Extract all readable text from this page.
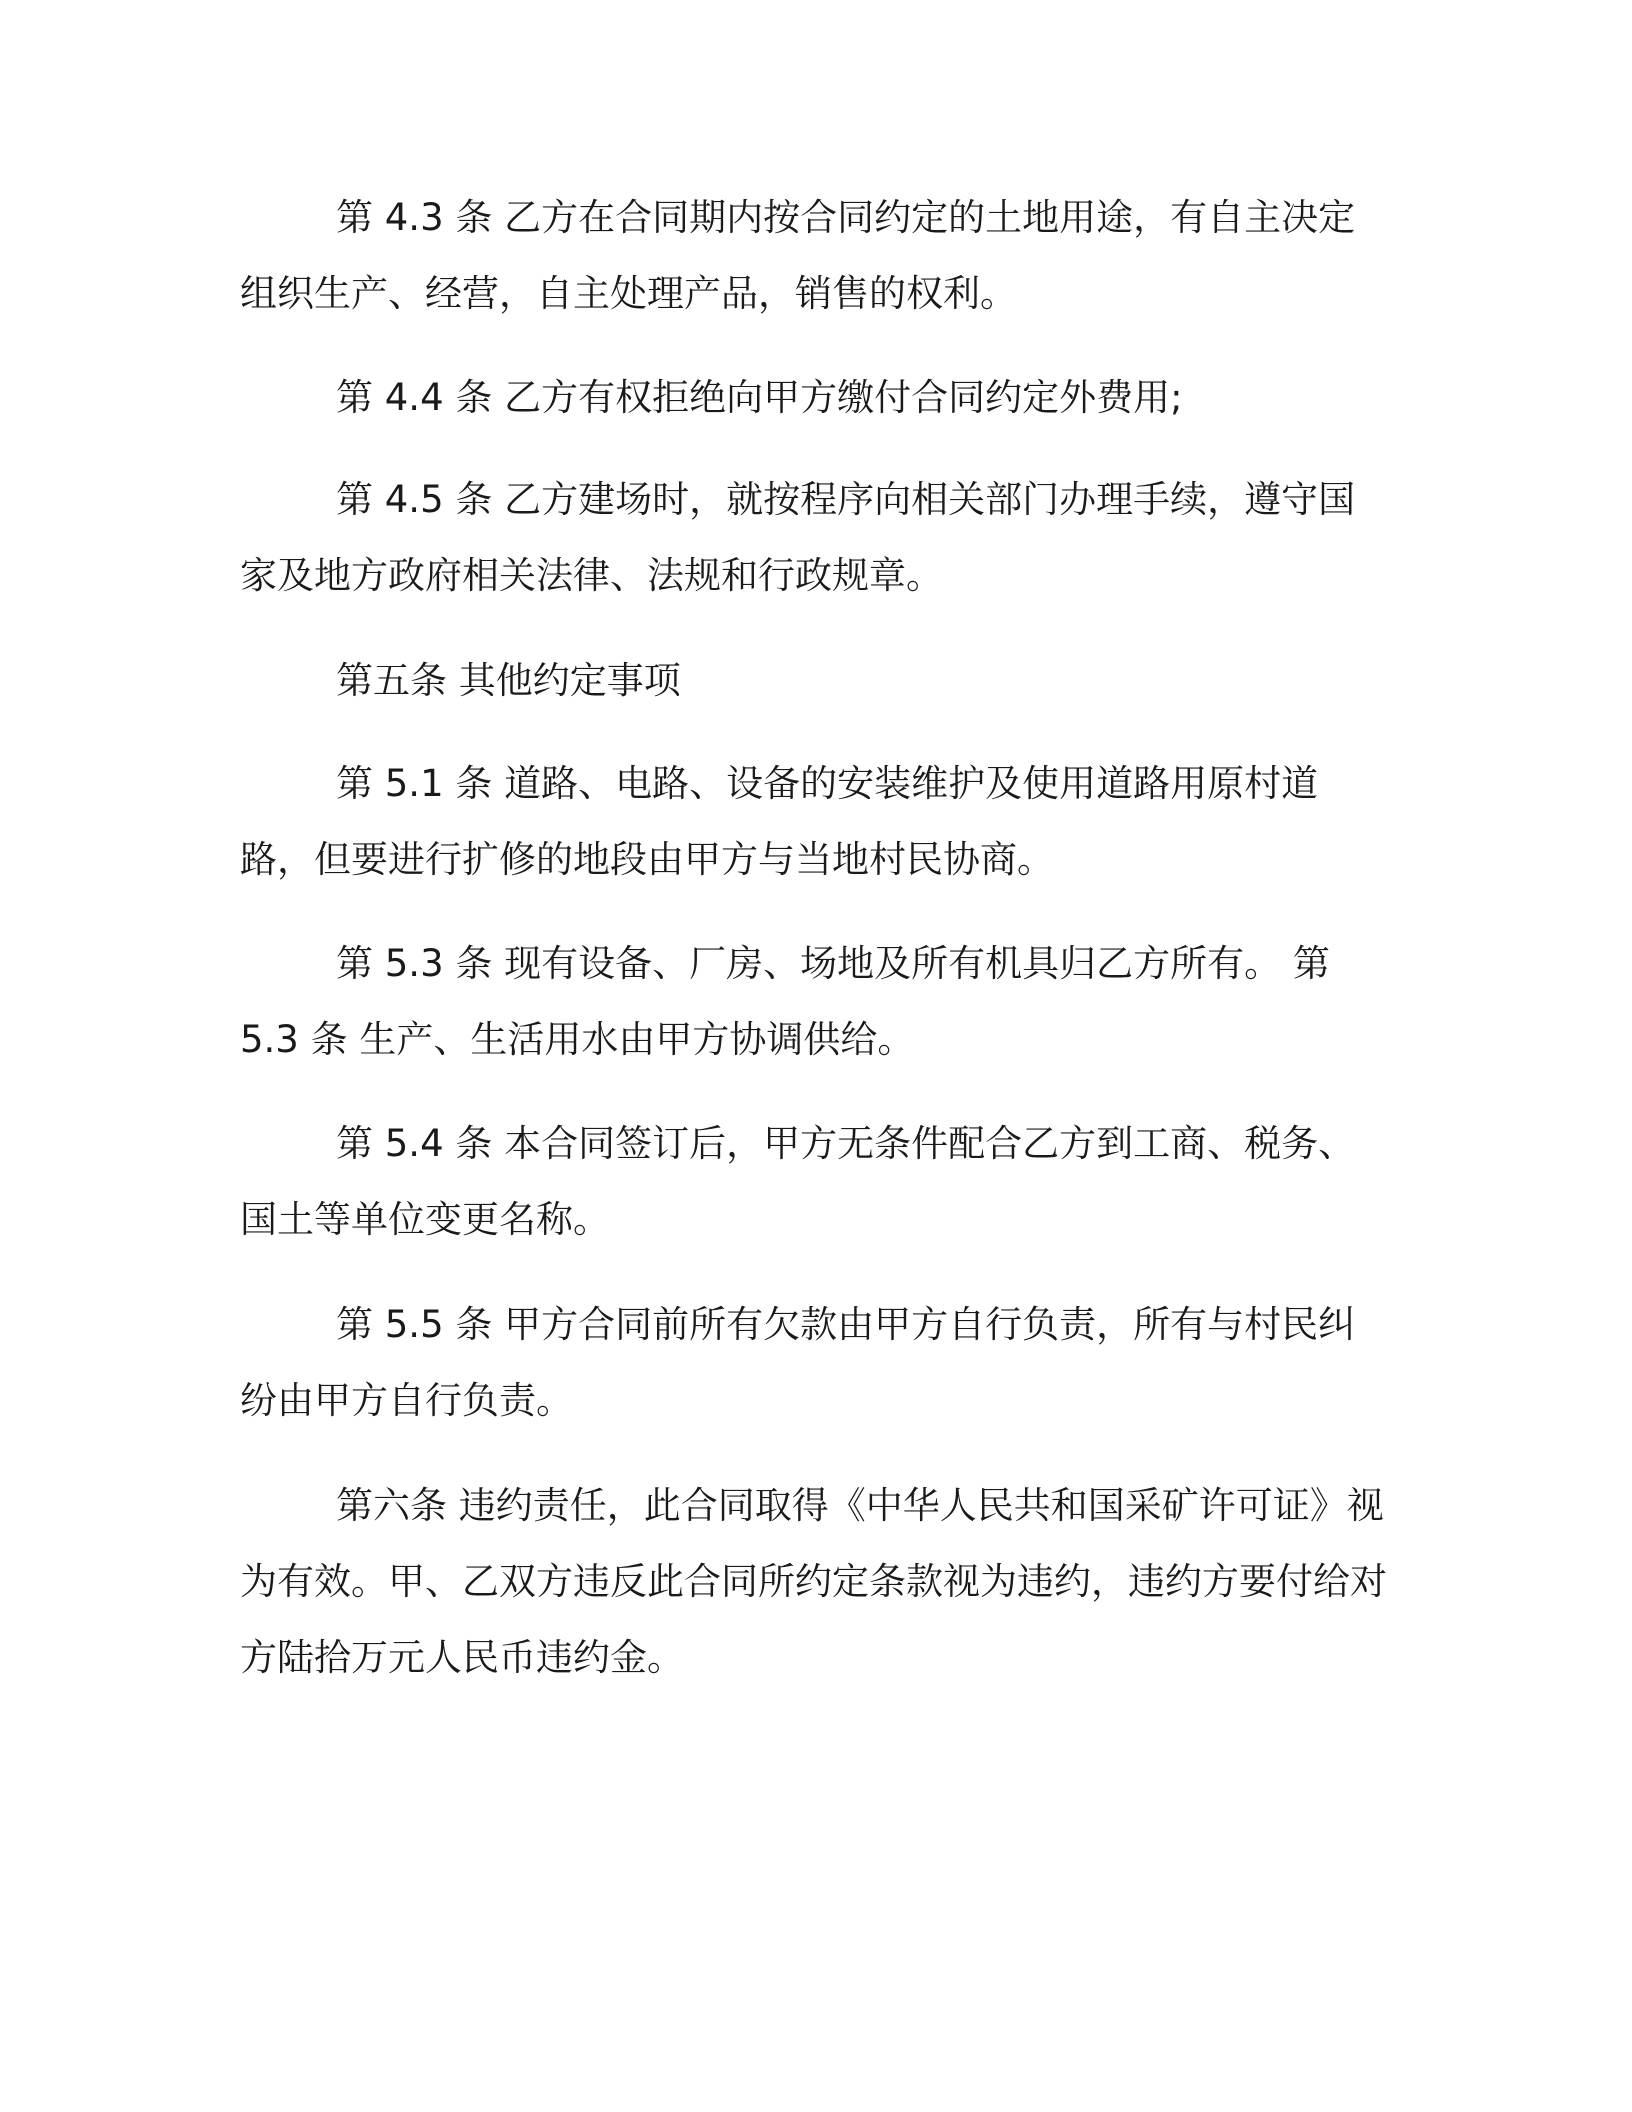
第 4.3 条 乙方在合同期内按合同约定的土地用途，有自主决定组织生产、经营，自主处理产品，销售的权利。

第 4.4 条 乙方有权拒绝向甲方缴付合同约定外费用;

第 4.5 条 乙方建场时，就按程序向相关部门办理手续，遵守国家及地方政府相关法律、法规和行政规章。

第五条 其他约定事项

第 5.1 条 道路、电路、设备的安装维护及使用道路用原村道路，但要进行扩修的地段由甲方与当地村民协商。

第 5.3 条 现有设备、厂房、场地及所有机具归乙方所有。 第 5.3 条 生产、生活用水由甲方协调供给。

第 5.4 条 本合同签订后，甲方无条件配合乙方到工商、税务、国土等单位变更名称。

第 5.5 条 甲方合同前所有欠款由甲方自行负责，所有与村民纠纷由甲方自行负责。

第六条 违约责任，此合同取得《中华人民共和国采矿许可证》视为有效。甲、乙双方违反此合同所约定条款视为违约，违约方要付给对方陆拾万元人民币违约金。
